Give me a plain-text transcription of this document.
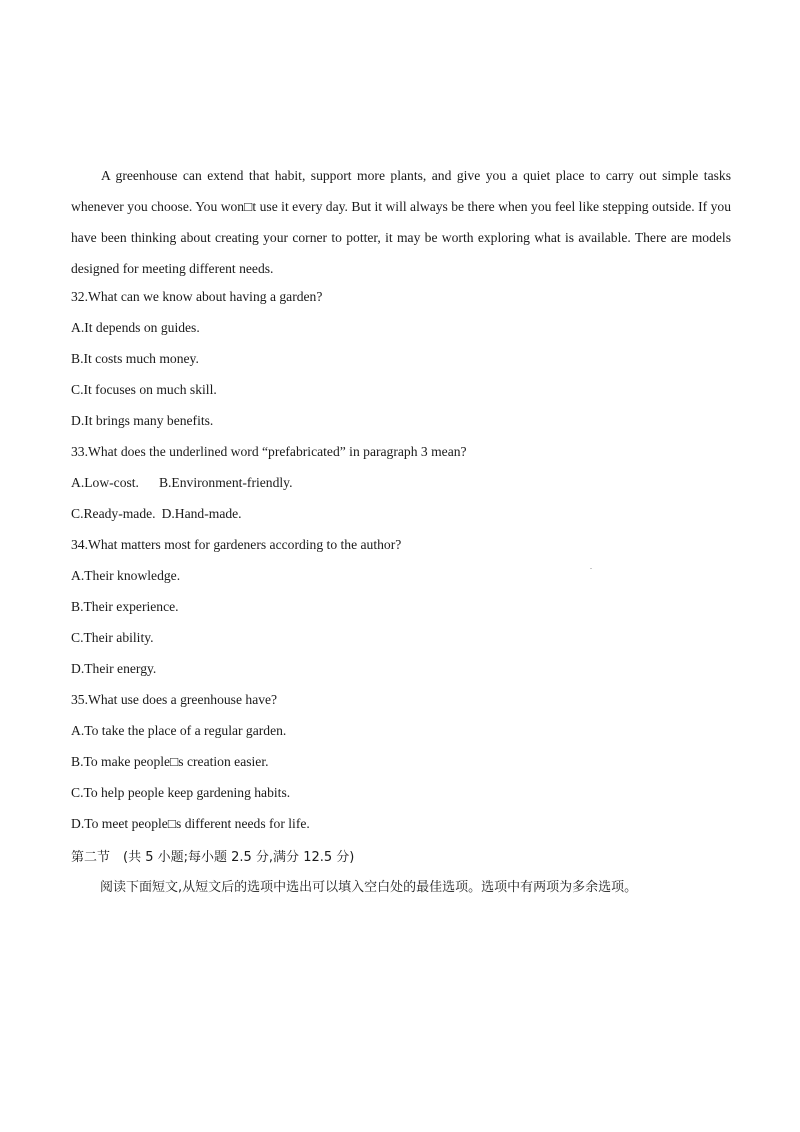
A greenhouse can extend that habit, support more plants, and give you a quiet place to carry out simple tasks whenever you choose. You won□t use it every day. But it will always be there when you feel like stepping outside. If you have been thinking about creating your corner to potter, it may be worth exploring what is available. There are models designed for meeting different needs.

32.What can we know about having a garden?
A.It depends on guides.
B.It costs much money.
C.It focuses on much skill.
D.It brings many benefits.
33.What does the underlined word “prefabricated” in paragraph 3 mean?
A.Low-cost. B.Environment-friendly.
C.Ready-made. D.Hand-made.
34.What matters most for gardeners according to the author?
A.Their knowledge.
B.Their experience.
C.Their ability.
D.Their energy.
35.What use does a greenhouse have?
A.To take the place of a regular garden.
B.To make people□s creation easier.
C.To help people keep gardening habits.
D.To meet people□s different needs for life.
第二节　(共 5 小题;每小题 2.5 分,满分 12.5 分)
阅读下面短文,从短文后的选项中选出可以填入空白处的最佳选项。选项中有两项为多余选项。
